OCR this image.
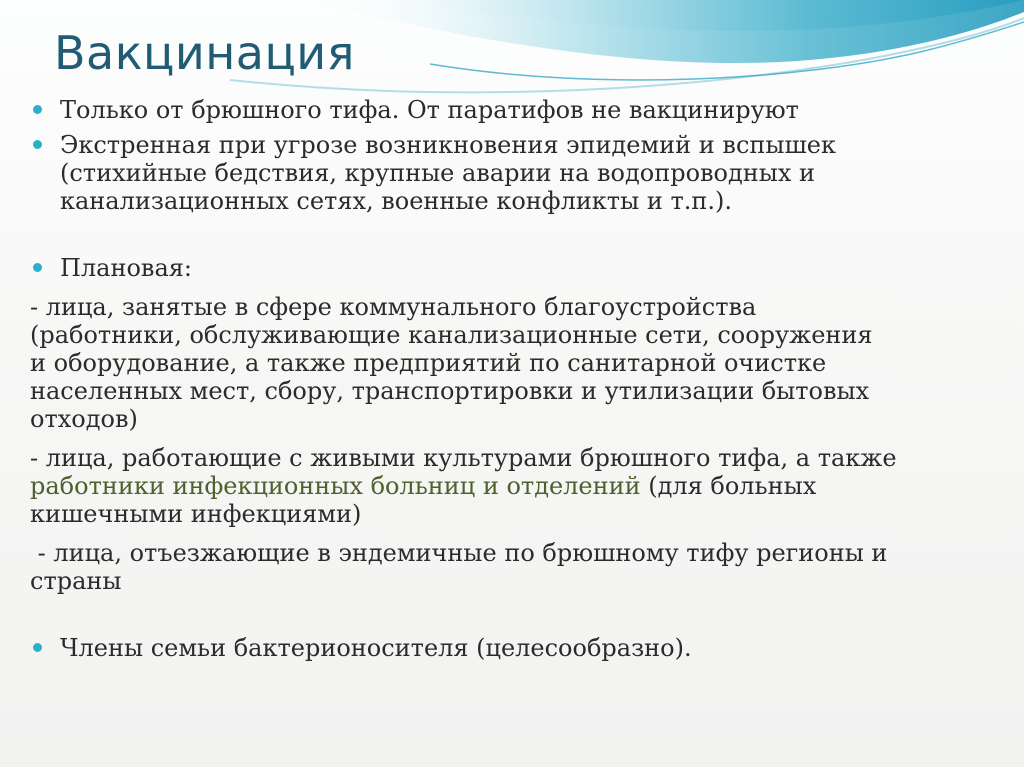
Вакцинация
Только от брюшного тифа. От паратифов не вакцинируют
Экстренная при угрозе возникновения эпидемий и вспышек
(стихийные бедствия, крупные аварии на водопроводных и
канализационных сетях, военные конфликты и т.п.).
Плановая:
- лица, занятые в сфере коммунального благоустройства
(работники, обслуживающие канализационные сети, сооружения
и оборудование, а также предприятий по санитарной очистке
населенных мест, сбору, транспортировки и утилизации бытовых
отходов)
- лица, работающие с живыми культурами брюшного тифа, а также
работники инфекционных больниц и отделений (для больных
кишечными инфекциями)
- лица, отъезжающие в эндемичные по брюшному тифу регионы и
страны
Члены семьи бактерионосителя (целесообразно).
